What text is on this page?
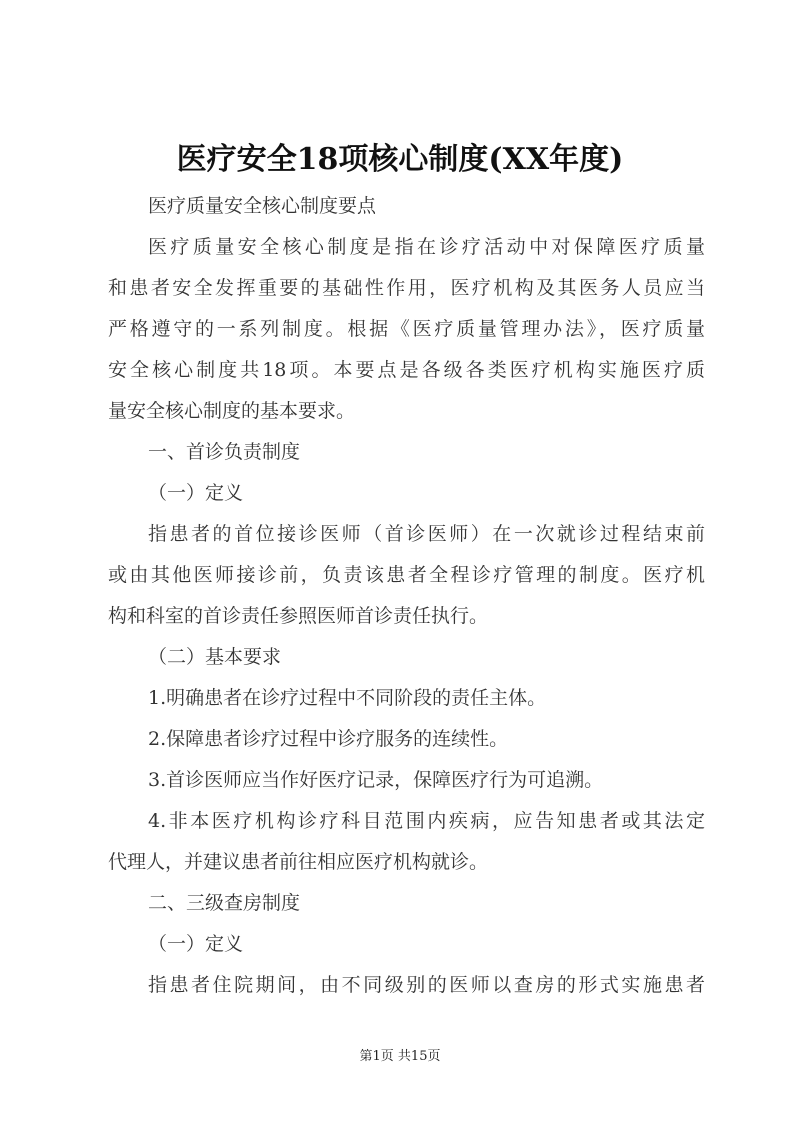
医疗安全18项核心制度(XX年度)
医疗质量安全核心制度要点
医疗质量安全核心制度是指在诊疗活动中对保障医疗质量
和患者安全发挥重要的基础性作用，医疗机构及其医务人员应当
严格遵守的一系列制度。根据《医疗质量管理办法》，医疗质量
安全核心制度共18项。本要点是各级各类医疗机构实施医疗质
量安全核心制度的基本要求。
一、首诊负责制度
（一）定义
指患者的首位接诊医师（首诊医师）在一次就诊过程结束前
或由其他医师接诊前，负责该患者全程诊疗管理的制度。医疗机
构和科室的首诊责任参照医师首诊责任执行。
（二）基本要求
1.明确患者在诊疗过程中不同阶段的责任主体。
2.保障患者诊疗过程中诊疗服务的连续性。
3.首诊医师应当作好医疗记录，保障医疗行为可追溯。
4.非本医疗机构诊疗科目范围内疾病，应告知患者或其法定
代理人，并建议患者前往相应医疗机构就诊。
二、三级查房制度
（一）定义
指患者住院期间，由不同级别的医师以查房的形式实施患者
第1页 共15页
